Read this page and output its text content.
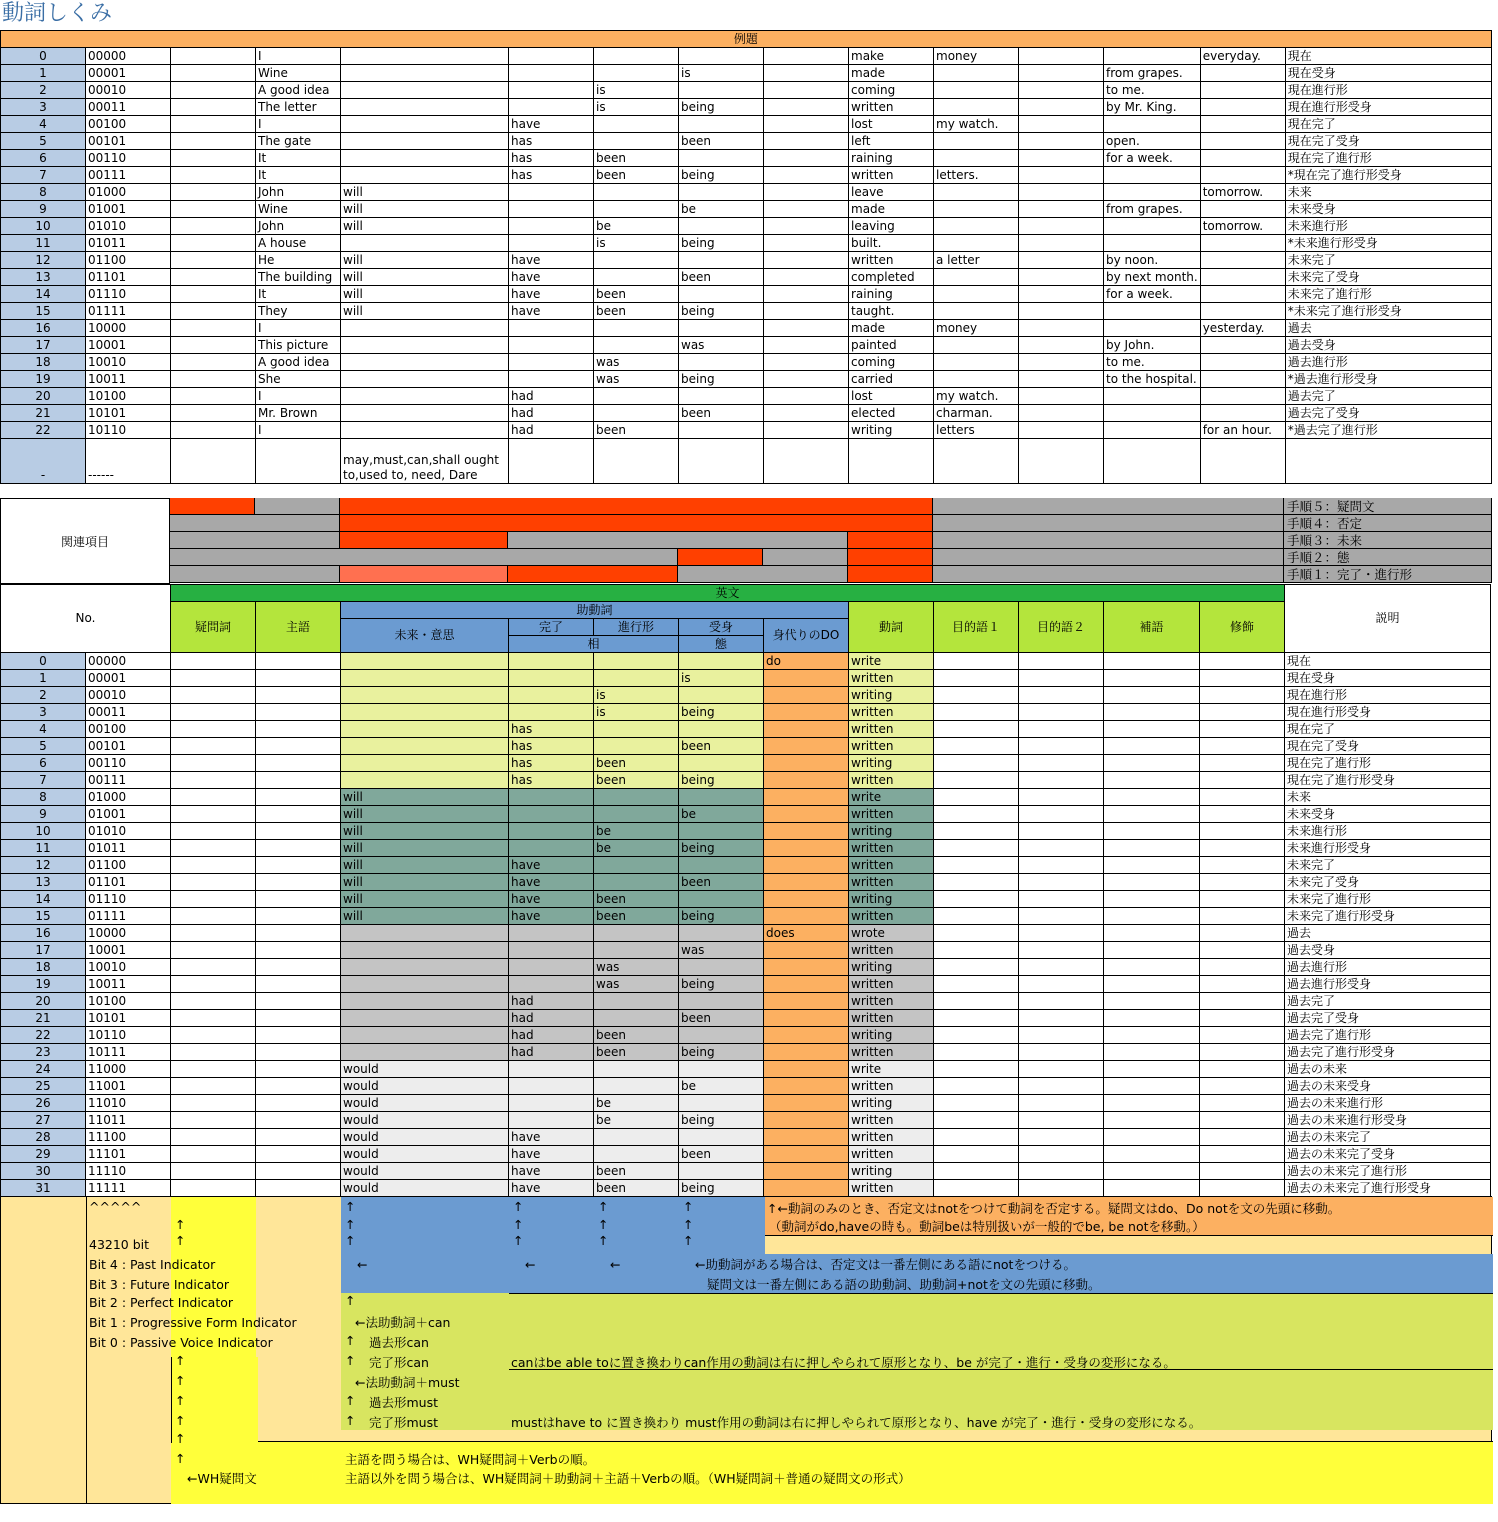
動詞しくみ
例題														
0	00000		I						make	money			everyday.	現在
1	00001		Wine				is		made			from grapes.		現在受身
2	00010		A good idea			is			coming			to me.		現在進行形
3	00011		The letter			is	being		written			by Mr. King.		現在進行形受身
4	00100		I		have				lost	my watch.				現在完了
5	00101		The gate		has		been		left			open.		現在完了受身
6	00110		It		has	been			raining			for a week.		現在完了進行形
7	00111		It		has	been	being		written	letters.				*現在完了進行形受身
8	01000		John	will					leave				tomorrow.	未来
9	01001		Wine	will			be		made			from grapes.		未来受身
10	01010		John	will		be			leaving				tomorrow.	未来進行形
11	01011		A house			is	being		built.					*未来進行形受身
12	01100		He	will	have				written	a letter		by noon.		未来完了
13	01101		The building	will	have		been		completed			by next month.		未来完了受身
14	01110		It	will	have	been			raining			for a week.		未来完了進行形
15	01111		They	will	have	been	being		taught.					*未来完了進行形受身
16	10000		I						made	money			yesterday.	過去
17	10001		This picture				was		painted			by John.		過去受身
18	10010		A good idea			was			coming			to me.		過去進行形
19	10011		She			was	being		carried			to the hospital.		*過去進行形受身
20	10100		I		had				lost	my watch.				過去完了
21	10101		Mr. Brown		had		been		elected	charman.				過去完了受身
22	10110		I		had	been			writing	letters			for an hour.	*過去完了進行形
-	------			may,must,can,shall ought to,used to, need, Dare										
関連項目
手順５：疑問文
手順４：否定
手順３：未来
手順２：態
手順１：完了・進行形
No.		英文												説明
		疑問詞	主語	助動詞					動詞	目的語１	目的語２	補語	修飾	
				未来・意思	完了	進行形	受身	身代りのDO						
					相		態							
0	00000							do	write					現在
1	00001						is		written					現在受身
2	00010					is			writing					現在進行形
3	00011					is	being		written					現在進行形受身
4	00100				has				written					現在完了
5	00101				has		been		written					現在完了受身
6	00110				has	been			writing					現在完了進行形
7	00111				has	been	being		written					現在完了進行形受身
8	01000			will					write					未来
9	01001			will			be		written					未来受身
10	01010			will		be			writing					未来進行形
11	01011			will		be	being		written					未来進行形受身
12	01100			will	have				written					未来完了
13	01101			will	have		been		written					未来完了受身
14	01110			will	have	been			writing					未来完了進行形
15	01111			will	have	been	being		written					未来完了進行形受身
16	10000							does	wrote					過去
17	10001						was		written					過去受身
18	10010					was			writing					過去進行形
19	10011					was	being		written					過去進行形受身
20	10100				had				written					過去完了
21	10101				had		been		written					過去完了受身
22	10110				had	been			writing					過去完了進行形
23	10111				had	been	being		written					過去完了進行形受身
24	11000			would					write					過去の未来
25	11001			would			be		written					過去の未来受身
26	11010			would		be			writing					過去の未来進行形
27	11011			would		be	being		written					過去の未来進行形受身
28	11100			would	have				written					過去の未来完了
29	11101			would	have		been		written					過去の未来完了受身
30	11110			would	have	been			writing					過去の未来完了進行形
31	11111			would	have	been	being		written					過去の未来完了進行形受身
^^^^^
43210 bit
Bit 4 : Past Indicator
Bit 3 : Future Indicator
Bit 2 : Perfect Indicator
Bit 1 : Progressive Form Indicator
Bit 0 : Passive Voice Indicator
↑
↑
↑
↑
↑
↑
↑
↑
←WH疑問文
↑
↑
↑
↑
↑
↑
↑
↑
↑
↑
↑
↑
↑←動詞のみのとき、否定文はnotをつけて動詞を否定する。疑問文はdo、Do notを文の先頭に移動。
（動詞がdo,haveの時も。動詞beは特別扱いが一般的でbe, be notを移動。）
←	←	←	←助動詞がある場合は、否定文は一番左側にある語にnotをつける。
疑問文は一番左側にある語の助動詞、助動詞+notを文の先頭に移動。
↑
←法助動詞＋can
↑ 過去形can
↑ 完了形can	canはbe able toに置き換わりcan作用の動詞は右に押しやられて原形となり、be が完了・進行・受身の変形になる。
←法助動詞＋must
↑ 過去形must
↑ 完了形must	mustはhave to に置き換わり must作用の動詞は右に押しやられて原形となり、have が完了・進行・受身の変形になる。
主語を問う場合は、WH疑問詞＋Verbの順。
主語以外を問う場合は、WH疑問詞＋助動詞＋主語＋Verbの順。（WH疑問詞＋普通の疑問文の形式）
